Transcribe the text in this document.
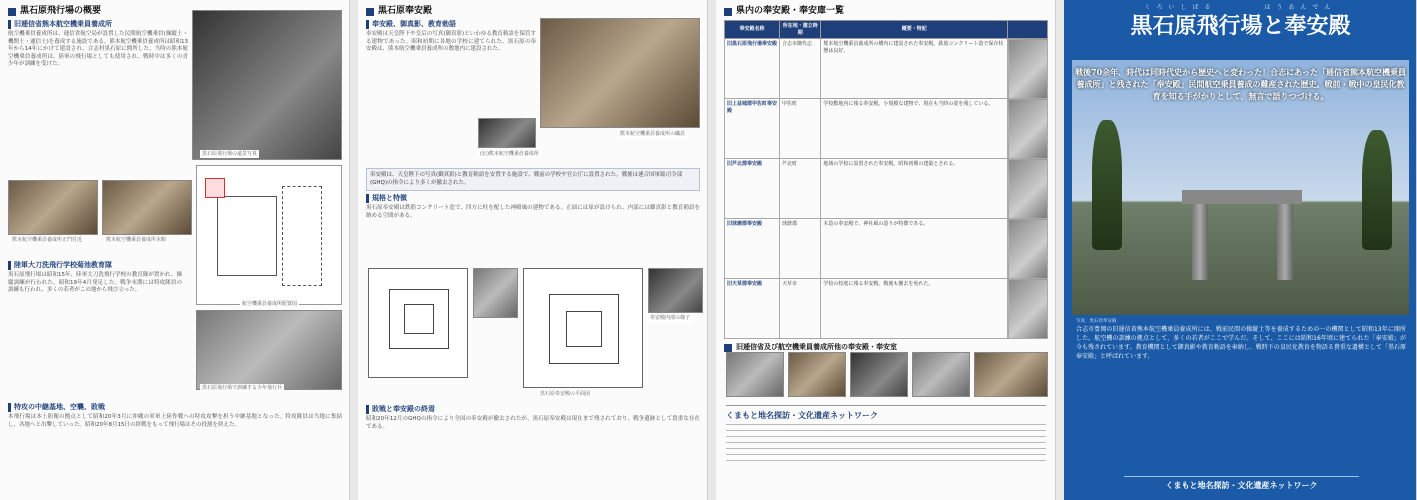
黒石原飛行場の概要
旧逓信省熊本航空機乗員養成所
航空機乗員養成所は、逓信省航空局が設置した民間航空機乗員(操縦士・機関士・通信士)を養成する施設である。熊本航空機乗員養成所は昭和13年から14年にかけて建設され、合志村黒石原に開所した。当時の熊本航空機乗員養成所は、陸軍の飛行場としても使用され、戦時中は多くの青少年が訓練を受けた。
黒石原飛行場の遠景写真
熊本航空機乗員養成所正門付近	熊本航空機乗員養成所本館
航空機乗員養成所配置図
陸軍大刀洗飛行学校菊池教育隊
黒石原飛行場は昭和15年、陸軍大刀洗飛行学校の教育隊が置かれ、操縦訓練が行われた。昭和19年4月発足した。戦争末期には特攻隊員の訓練も行われ、多くの若者がこの地から飛び立った。
黒石原飛行場で訓練する少年飛行兵
特攻の中継基地、空襲、敗戦
本飛行場は本土防衛の拠点として昭和20年3月に沖縄の米軍上陸作戦への特攻攻撃を担う中継基地となった。特攻隊員は当地に集結し、各地へと出撃していった。昭和20年8月15日の終戦をもって飛行場はその役割を終えた。
黒石原奉安殿
奉安殿、御真影、教育勅語
奉安殿は天皇陛下や皇后の写真(御真影)といわゆる教育勅語を保管する建物であった。昭和初期に各地の学校に建てられた。黒石原の奉安殿は、熊本航空機乗員養成所の敷地内に建設された。
熊本航空機乗員養成所の職員
(伝)熊本航空機乗員養成所
奉安殿は、天皇陛下の写真(御真影)と教育勅語を安置する施設で、戦前の学校や官公庁に設置された。戦後は連合国軍総司令部(GHQ)の指令により多くが撤去された。
規格と特徴
黒石原奉安殿は鉄筋コンクリート造で、四方に柱を配した神殿風の建物である。正面には扉が設けられ、内部には御真影と教育勅語を納める空間がある。
奉安殿内部の様子
黒石原奉安殿の平面図
敗戦と奉安殿の終焉
昭和20年12月のGHQの指令により全国の奉安殿が撤去されたが、黒石原奉安殿は現在まで残されており、戦争遺跡として貴重な存在である。
県内の奉安殿・奉安庫一覧
奉安殿名称	所在地・建立時期	概要・特記	
旧黒石原飛行場奉安殿	合志市御代志	熊本航空機乗員養成所の構内に建設された奉安殿。鉄筋コンクリート造で保存状態は良好。	
旧上益城郡甲佐町奉安殿	甲佐町	学校敷地内に残る奉安殿。小規模な建物で、現在も当時の姿を残している。	
旧芦北郡奉安殿	芦北町	地域の学校に設置された奉安殿。昭和初期の建築とされる。	
旧球磨郡奉安殿	球磨郡	木造の奉安殿で、神社風の造りが特徴である。	
旧天草郡奉安殿	天草市	学校の校庭に残る奉安殿。戦後も撤去を免れた。	
旧逓信省及び航空機乗員養成所他の奉安殿・奉安室
くまもと地名探訪・文化遺産ネットワーク
くろいしばる　　　　ほうあんでん
黒石原飛行場と奉安殿
戦後70余年、時代は同時代史から歴史へと変わった！合志にあった「逓信省熊本航空機乗員養成所」と残された「奉安殿」民間航空乗員養成の難産された歴史。戦前・戦中の皇民化教育を知る手がかりとして、無言で語りつづける。
写真：黒石原奉安殿
合志市豊岡の旧逓信省熊本航空機乗員養成所には、戦前民間の操縦士等を養成するための一の機関として昭和13年に開所した。航空機の訓練の拠点として、多くの若者がここで学んだ。そして、ここには昭和16年頃に建てられた「奉安殿」が今も残されています。教育機関として御真影や教育勅語を奉納し、戦時下の皇民化教育を物語る貴重な遺構として「黒石原奉安殿」と呼ばれています。
くまもと地名探訪・文化遺産ネットワーク
